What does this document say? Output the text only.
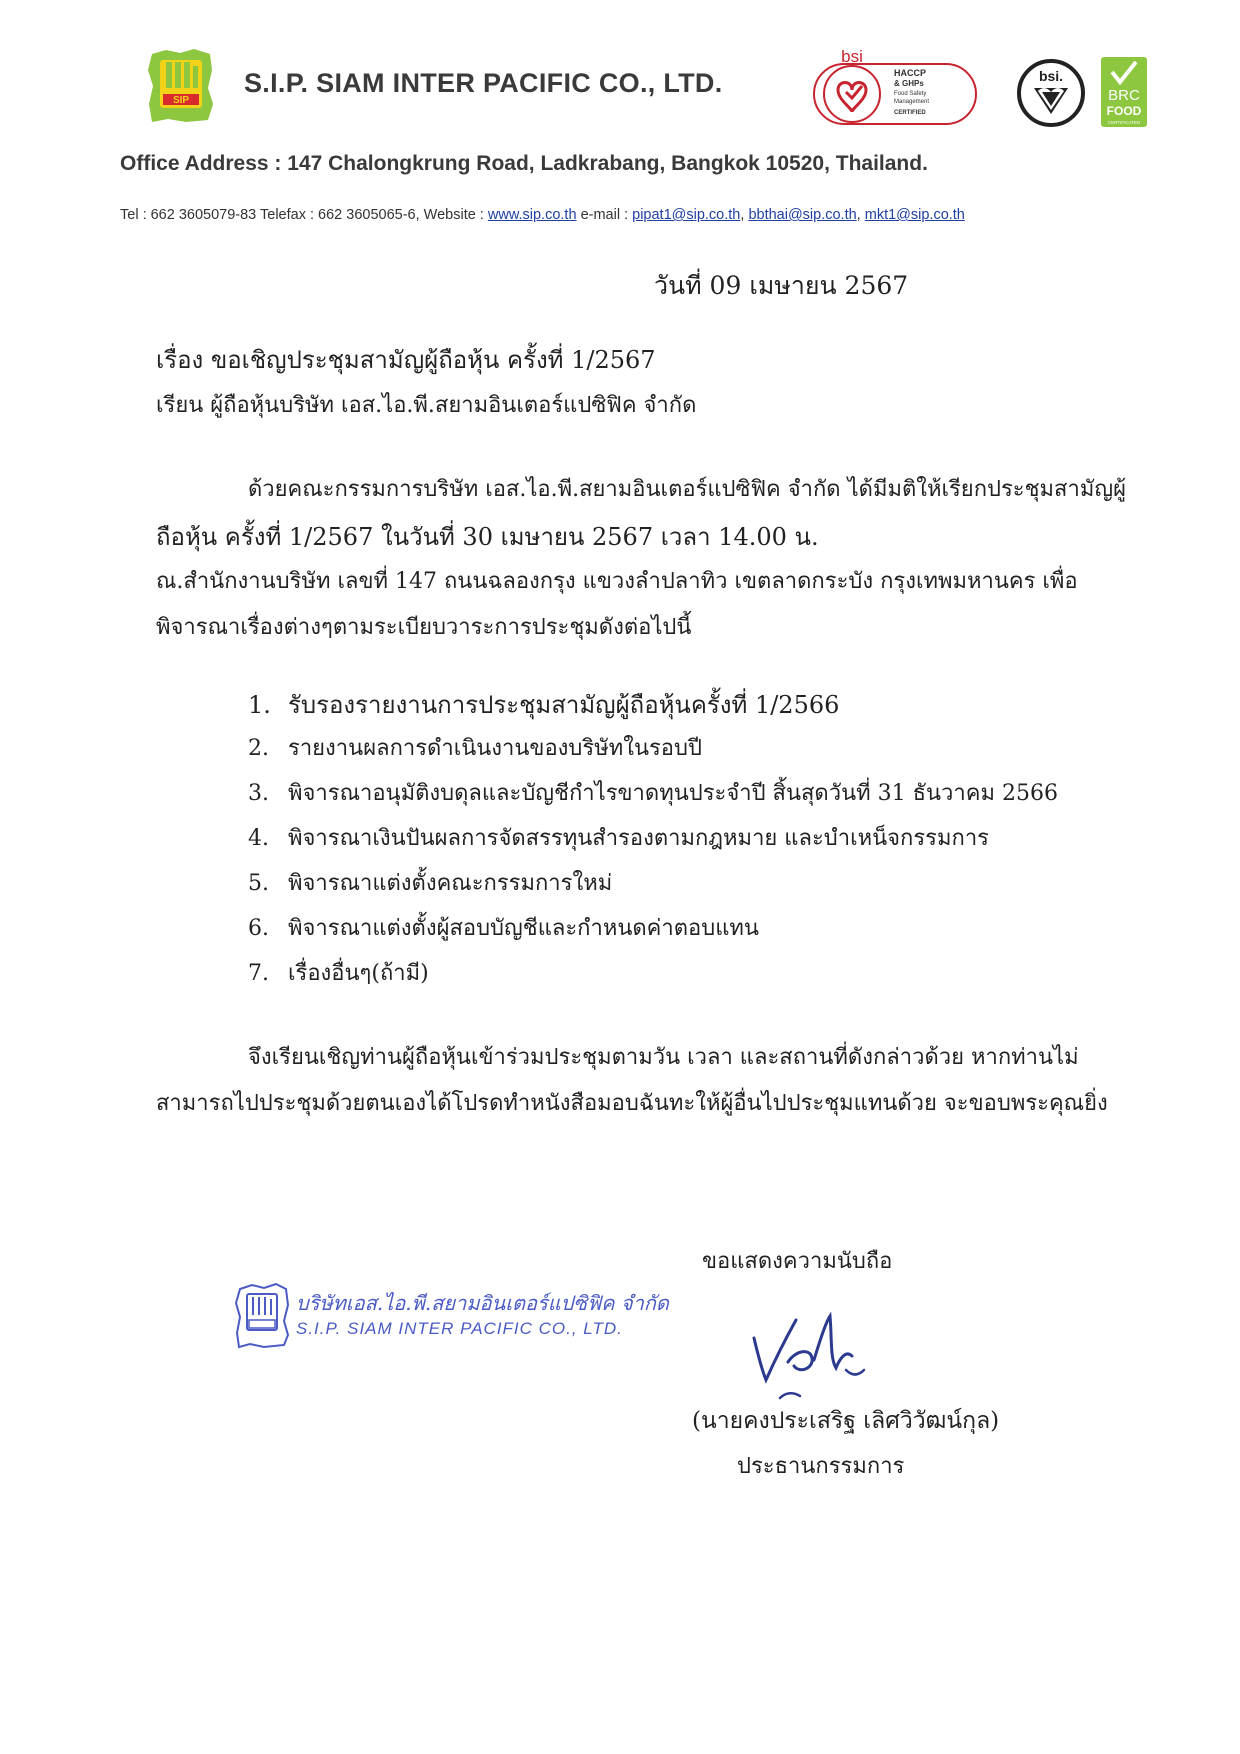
SIP
S.I.P. SIAM INTER PACIFIC CO., LTD.
bsi
HACCP
& GHPs
Food Safety
Management
CERTIFIED
bsi.
BRC
FOOD
CERTIFICATED
Office Address : 147 Chalongkrung Road, Ladkrabang, Bangkok 10520, Thailand.
Tel : 662 3605079-83 Telefax : 662 3605065-6, Website : www.sip.co.th e-mail : pipat1@sip.co.th, bbthai@sip.co.th, mkt1@sip.co.th
วันที่ 09 เมษายน 2567
เรื่อง ขอเชิญประชุมสามัญผู้ถือหุ้น ครั้งที่ 1/2567
เรียน ผู้ถือหุ้นบริษัท เอส.ไอ.พี.สยามอินเตอร์แปซิฟิค จำกัด
ด้วยคณะกรรมการบริษัท เอส.ไอ.พี.สยามอินเตอร์แปซิฟิค จำกัด ได้มีมติให้เรียกประชุมสามัญผู้
ถือหุ้น ครั้งที่ 1/2567 ในวันที่ 30 เมษายน 2567 เวลา 14.00 น.
ณ.สำนักงานบริษัท เลขที่ 147 ถนนฉลองกรุง แขวงลำปลาทิว เขตลาดกระบัง กรุงเทพมหานคร เพื่อ
พิจารณาเรื่องต่างๆตามระเบียบวาระการประชุมดังต่อไปนี้
1. รับรองรายงานการประชุมสามัญผู้ถือหุ้นครั้งที่ 1/2566
2. รายงานผลการดำเนินงานของบริษัทในรอบปี
3. พิจารณาอนุมัติงบดุลและบัญชีกำไรขาดทุนประจำปี สิ้นสุดวันที่ 31 ธันวาคม 2566
4. พิจารณาเงินปันผลการจัดสรรทุนสำรองตามกฎหมาย และบำเหน็จกรรมการ
5. พิจารณาแต่งตั้งคณะกรรมการใหม่
6. พิจารณาแต่งตั้งผู้สอบบัญชีและกำหนดค่าตอบแทน
7. เรื่องอื่นๆ(ถ้ามี)
จึงเรียนเชิญท่านผู้ถือหุ้นเข้าร่วมประชุมตามวัน เวลา และสถานที่ดังกล่าวด้วย หากท่านไม่
สามารถไปประชุมด้วยตนเองได้โปรดทำหนังสือมอบฉันทะให้ผู้อื่นไปประชุมแทนด้วย จะขอบพระคุณยิ่ง
ขอแสดงความนับถือ
บริษัทเอส.ไอ.พี.สยามอินเตอร์แปซิฟิค จำกัด
S.I.P. SIAM INTER PACIFIC CO., LTD.
(นายคงประเสริฐ เลิศวิวัฒน์กุล)
ประธานกรรมการ
